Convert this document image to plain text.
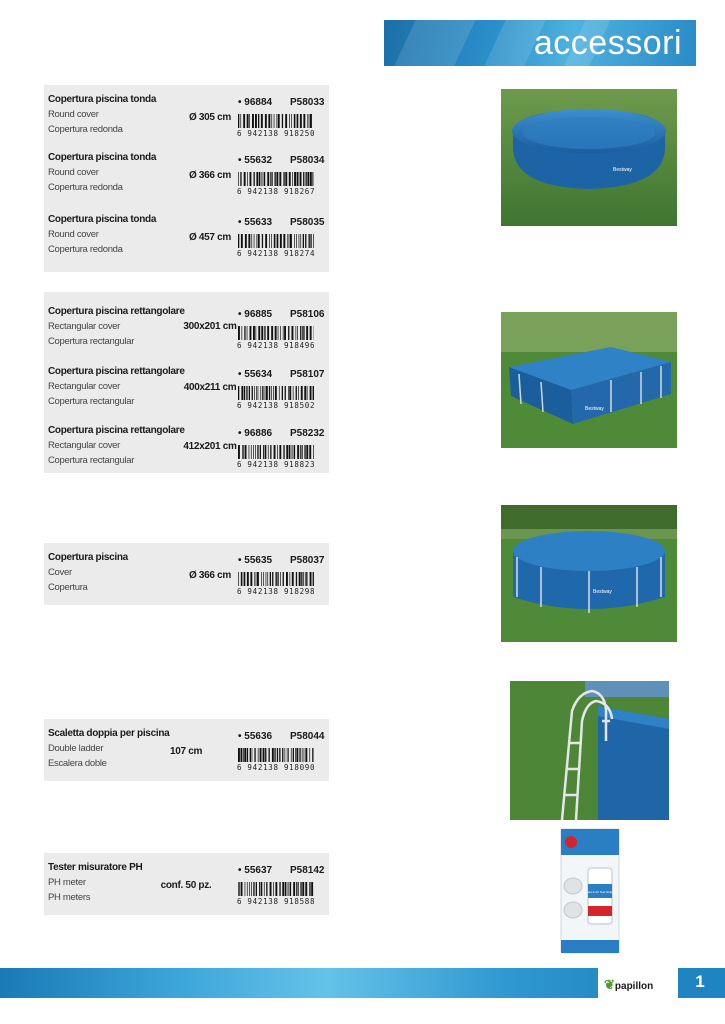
accessori
Copertura piscina tonda
Round cover
Copertura redonda
Ø 305 cm
• 96884 P58033
6 942138 918250
Copertura piscina tonda
Round cover
Copertura redonda
Ø 366 cm
• 55632 P58034
6 942138 918267
Copertura piscina tonda
Round cover
Copertura redonda
Ø 457 cm
• 55633 P58035
6 942138 918274
Copertura piscina rettangolare
Rectangular cover
Copertura rectangular
300x201 cm
• 96885 P58106
6 942138 918496
Copertura piscina rettangolare
Rectangular cover
Copertura rectangular
400x211 cm
• 55634 P58107
6 942138 918502
Copertura piscina rettangolare
Rectangular cover
Copertura rectangular
412x201 cm
• 96886 P58232
6 942138 918823
Copertura piscina
Cover
Copertura
Ø 366 cm
• 55635 P58037
6 942138 918298
Scaletta doppia per piscina
Double ladder
Escalera doble
107 cm
• 55636 P58044
6 942138 918090
Tester misuratore PH
PH meter
PH meters
conf. 50 pz.
• 55637 P58142
6 942138 918588
Bestway
Bestway
Bestway
Test & Air Test Strips
❦papillon	1
